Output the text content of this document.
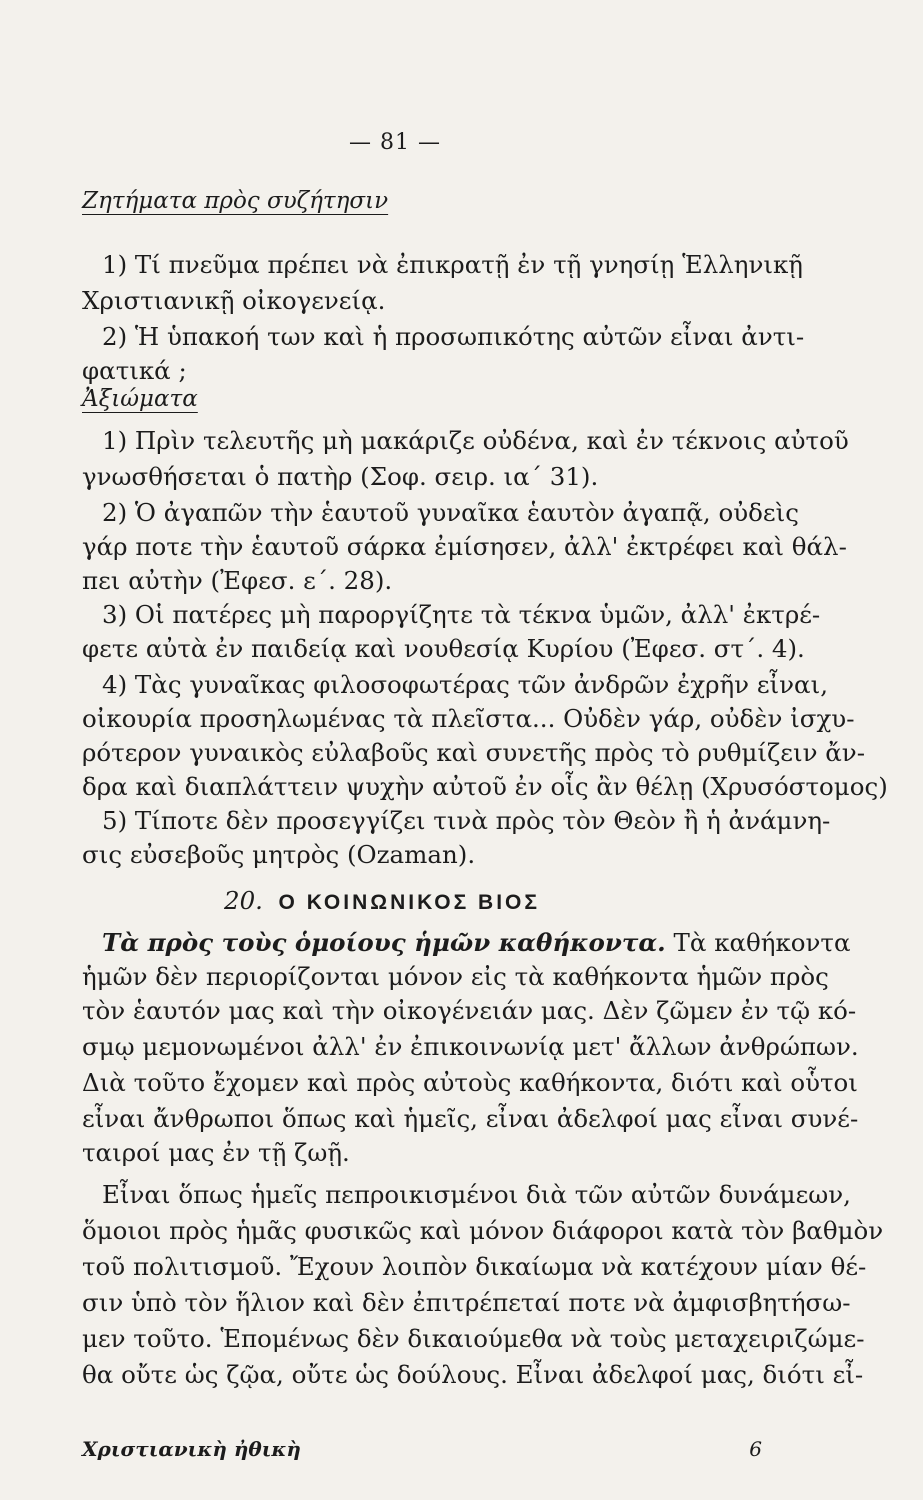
— 81 —
Ζητήματα πρὸς συζήτησιν
1) Τί πνεῦμα πρέπει νὰ ἐπικρατῇ ἐν τῇ γνησίῃ Ἑλληνικῇ
Χριστιανικῇ οἰκογενείᾳ.
2) Ἡ ὑπακοή των καὶ ἡ προσωπικότης αὐτῶν εἶναι ἀντι-
φατικά ;
Ἀξιώματα
1) Πρὶν τελευτῆς μὴ μακάριζε οὐδένα, καὶ ἐν τέκνοις αὐτοῦ
γνωσθήσεται ὁ πατὴρ (Σοφ. σειρ. ια΄ 31).
2) Ὁ ἀγαπῶν τὴν ἑαυτοῦ γυναῖκα ἑαυτὸν ἀγαπᾷ, οὐδεὶς
γάρ ποτε τὴν ἑαυτοῦ σάρκα ἐμίσησεν, ἀλλ' ἐκτρέφει καὶ θάλ-
πει αὐτὴν (Ἐφεσ. ε΄. 28).
3) Οἱ πατέρες μὴ παροργίζητε τὰ τέκνα ὑμῶν, ἀλλ' ἐκτρέ-
φετε αὐτὰ ἐν παιδείᾳ καὶ νουθεσίᾳ Κυρίου (Ἐφεσ. στ΄. 4).
4) Τὰς γυναῖκας φιλοσοφωτέρας τῶν ἀνδρῶν ἐχρῆν εἶναι,
οἰκουρία προσηλωμένας τὰ πλεῖστα... Οὐδὲν γάρ, οὐδὲν ἰσχυ-
ρότερον γυναικὸς εὐλαβοῦς καὶ συνετῆς πρὸς τὸ ρυθμίζειν ἄν-
δρα καὶ διαπλάττειν ψυχὴν αὐτοῦ ἐν οἷς ἂν θέλῃ (Χρυσόστομος)
5) Τίποτε δὲν προσεγγίζει τινὰ πρὸς τὸν Θεὸν ἢ ἡ ἀνάμνη-
σις εὐσεβοῦς μητρὸς (Ozaman).
20. Ο ΚΟΙΝΩΝΙΚΟΣ ΒΙΟΣ
Τὰ πρὸς τοὺς ὁμοίους ἡμῶν καθήκοντα. Τὰ καθήκοντα
ἡμῶν δὲν περιορίζονται μόνον εἰς τὰ καθήκοντα ἡμῶν πρὸς
τὸν ἑαυτόν μας καὶ τὴν οἰκογένειάν μας. Δὲν ζῶμεν ἐν τῷ κό-
σμῳ μεμονωμένοι ἀλλ' ἐν ἐπικοινωνίᾳ μετ' ἄλλων ἀνθρώπων.
Διὰ τοῦτο ἔχομεν καὶ πρὸς αὐτοὺς καθήκοντα, διότι καὶ οὗτοι
εἶναι ἄνθρωποι ὅπως καὶ ἡμεῖς, εἶναι ἀδελφοί μας εἶναι συνέ-
ταιροί μας ἐν τῇ ζωῇ.
Εἶναι ὅπως ἡμεῖς πεπροικισμένοι διὰ τῶν αὐτῶν δυνάμεων,
ὅμοιοι πρὸς ἡμᾶς φυσικῶς καὶ μόνον διάφοροι κατὰ τὸν βαθμὸν
τοῦ πολιτισμοῦ. Ἔχουν λοιπὸν δικαίωμα νὰ κατέχουν μίαν θέ-
σιν ὑπὸ τὸν ἥλιον καὶ δὲν ἐπιτρέπεταί ποτε νὰ ἀμφισβητήσω-
μεν τοῦτο. Ἑπομένως δὲν δικαιούμεθα νὰ τοὺς μεταχειριζώμε-
θα οὔτε ὡς ζῷα, οὔτε ὡς δούλους. Εἶναι ἀδελφοί μας, διότι εἶ-
Χριστιανικὴ ἠθικὴ	6
